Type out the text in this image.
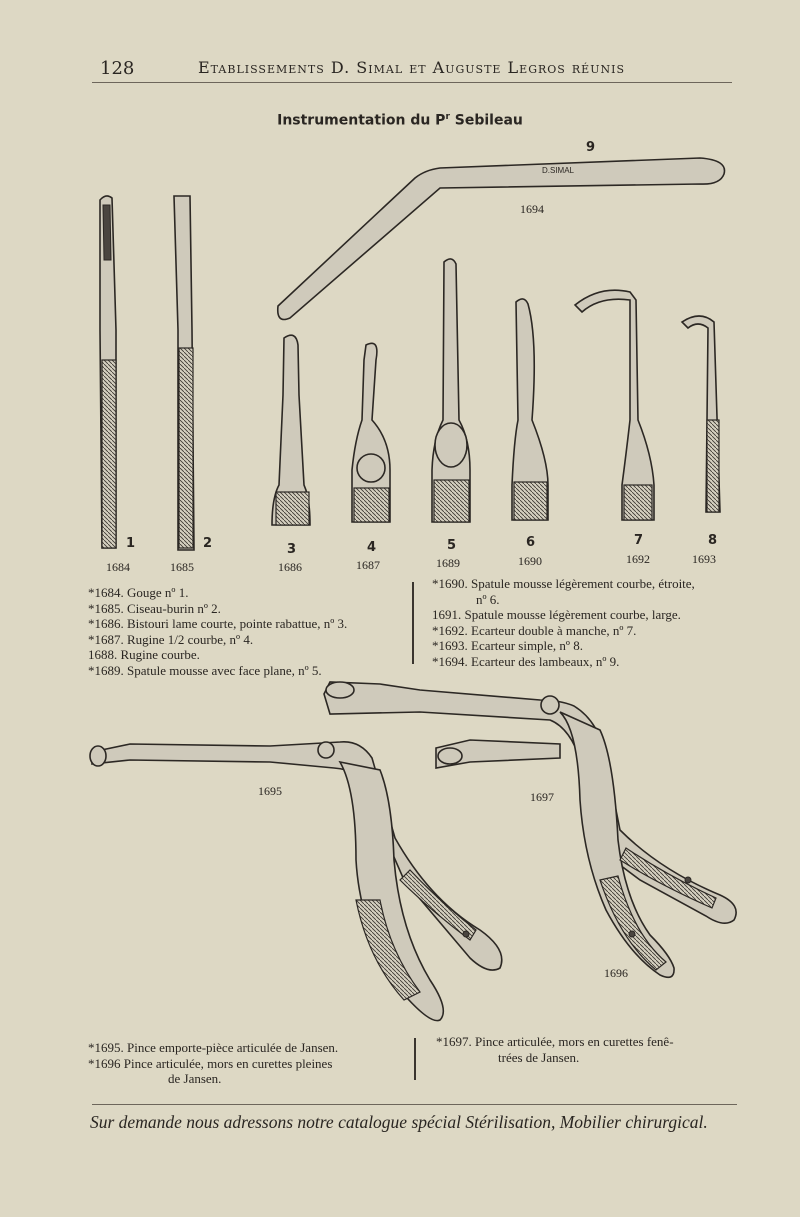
128	Etablissements D. Simal et Auguste Legros réunis
Instrumentation du $P^r$ Sebileau
D.SIMAL
1
1684
2
1685
3
1686
4
1687
5
1689
6
1690
7
1692
8
1693
9
1694
*1684. Gouge nº 1.
*1685. Ciseau-burin nº 2.
*1686. Bistouri lame courte, pointe rabattue, nº 3.
*1687. Rugine 1/2 courbe, nº 4.
1688. Rugine courbe.
*1689. Spatule mousse avec face plane, nº 5.
*1690. Spatule mousse légèrement courbe, étroite,
nº 6.
1691. Spatule mousse légèrement courbe, large.
*1692. Ecarteur double à manche, nº 7.
*1693. Ecarteur simple, nº 8.
*1694. Ecarteur des lambeaux, nº 9.
1695	1697
1696
*1695. Pince emporte-pièce articulée de Jansen.
*1696 Pince articulée, mors en curettes pleines
de Jansen.
*1697. Pince articulée, mors en curettes fenê-
trées de Jansen.
Sur demande nous adressons notre catalogue spécial Stérilisation, Mobilier chirurgical.
